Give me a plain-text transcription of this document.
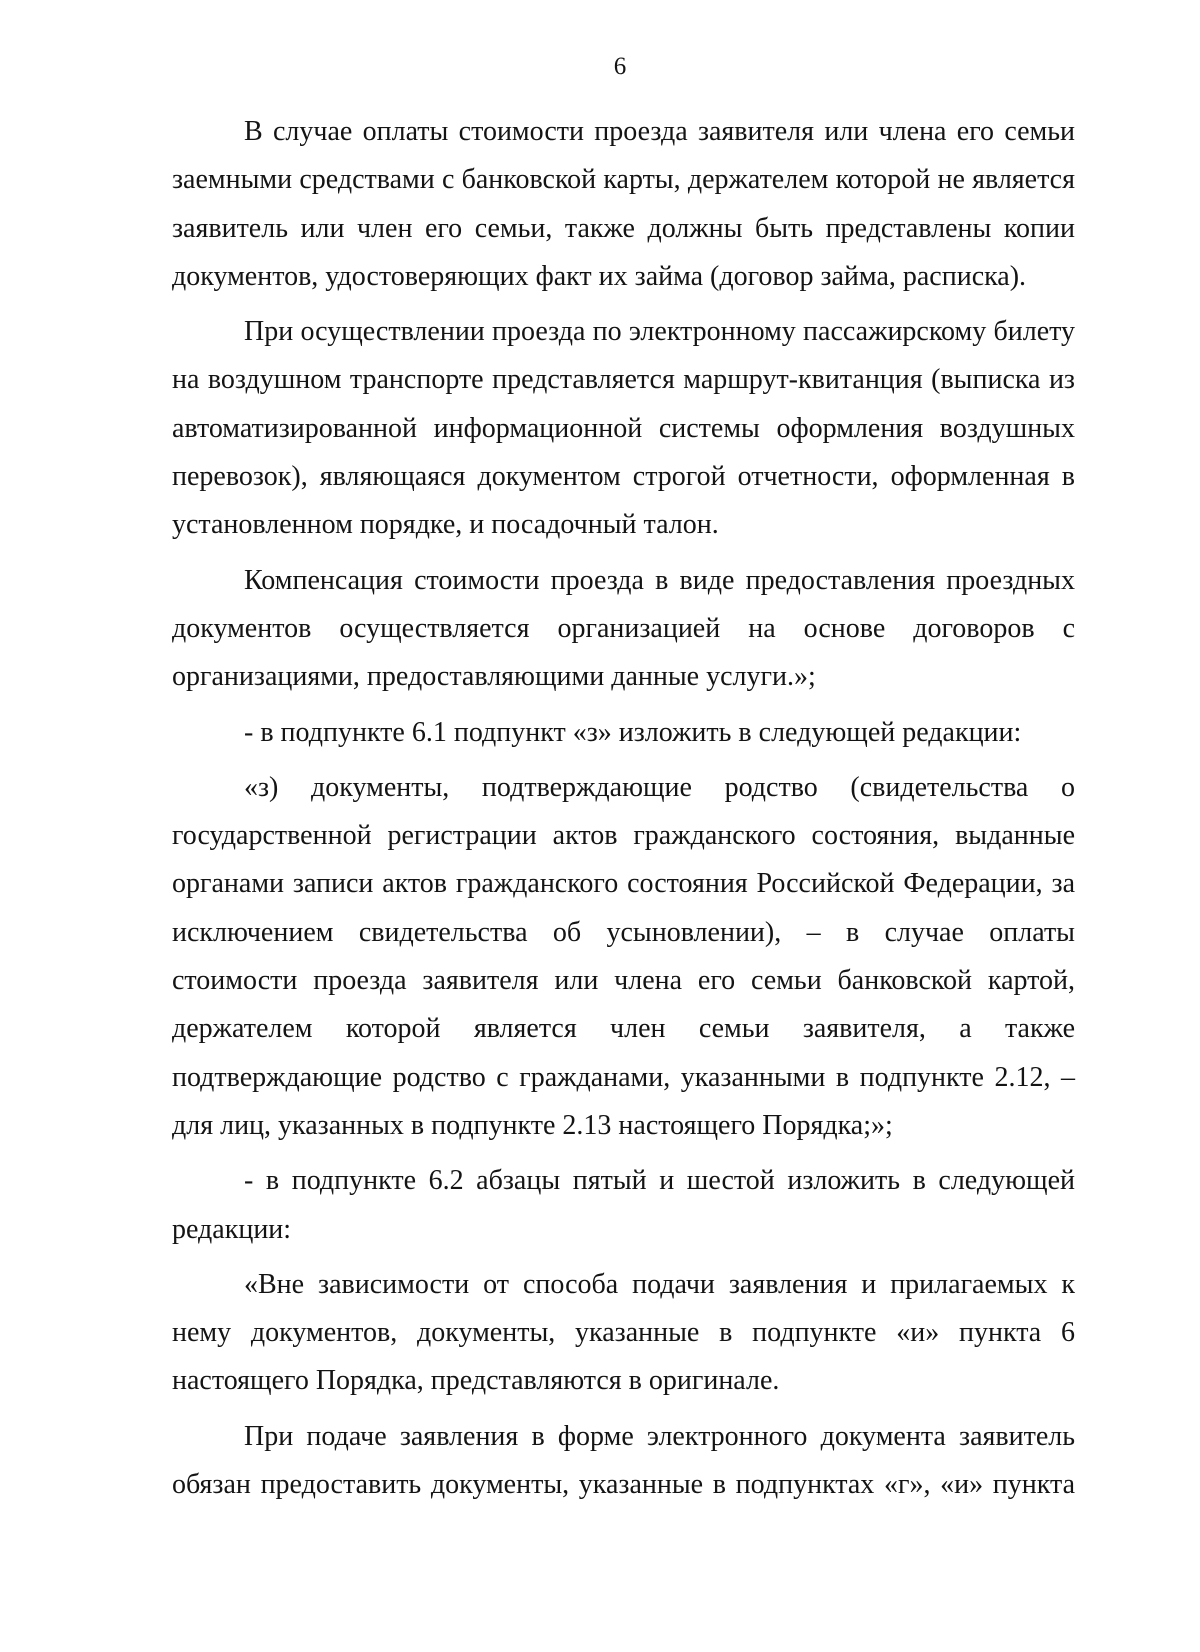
6

В случае оплаты стоимости проезда заявителя или члена его семьи заемными средствами с банковской карты, держателем которой не является заявитель или член его семьи, также должны быть представлены копии документов, удостоверяющих факт их займа (договор займа, расписка).

При осуществлении проезда по электронному пассажирскому билету на воздушном транспорте представляется маршрут-квитанция (выписка из автоматизированной информационной системы оформления воздушных перевозок), являющаяся документом строгой отчетности, оформленная в установленном порядке, и посадочный талон.

Компенсация стоимости проезда в виде предоставления проездных документов осуществляется организацией на основе договоров с организациями, предоставляющими данные услуги.»;

- в подпункте 6.1 подпункт «з» изложить в следующей редакции:

«з) документы, подтверждающие родство (свидетельства о государственной регистрации актов гражданского состояния, выданные органами записи актов гражданского состояния Российской Федерации, за исключением свидетельства об усыновлении), – в случае оплаты стоимости проезда заявителя или члена его семьи банковской картой, держателем которой является член семьи заявителя, а также подтверждающие родство с гражданами, указанными в подпункте 2.12, – для лиц, указанных в подпункте 2.13 настоящего Порядка;»;

- в подпункте 6.2 абзацы пятый и шестой изложить в следующей редакции:

«Вне зависимости от способа подачи заявления и прилагаемых к нему документов, документы, указанные в подпункте «и» пункта 6 настоящего Порядка, представляются в оригинале.

При подаче заявления в форме электронного документа заявитель обязан предоставить документы, указанные в подпунктах «г», «и» пункта
